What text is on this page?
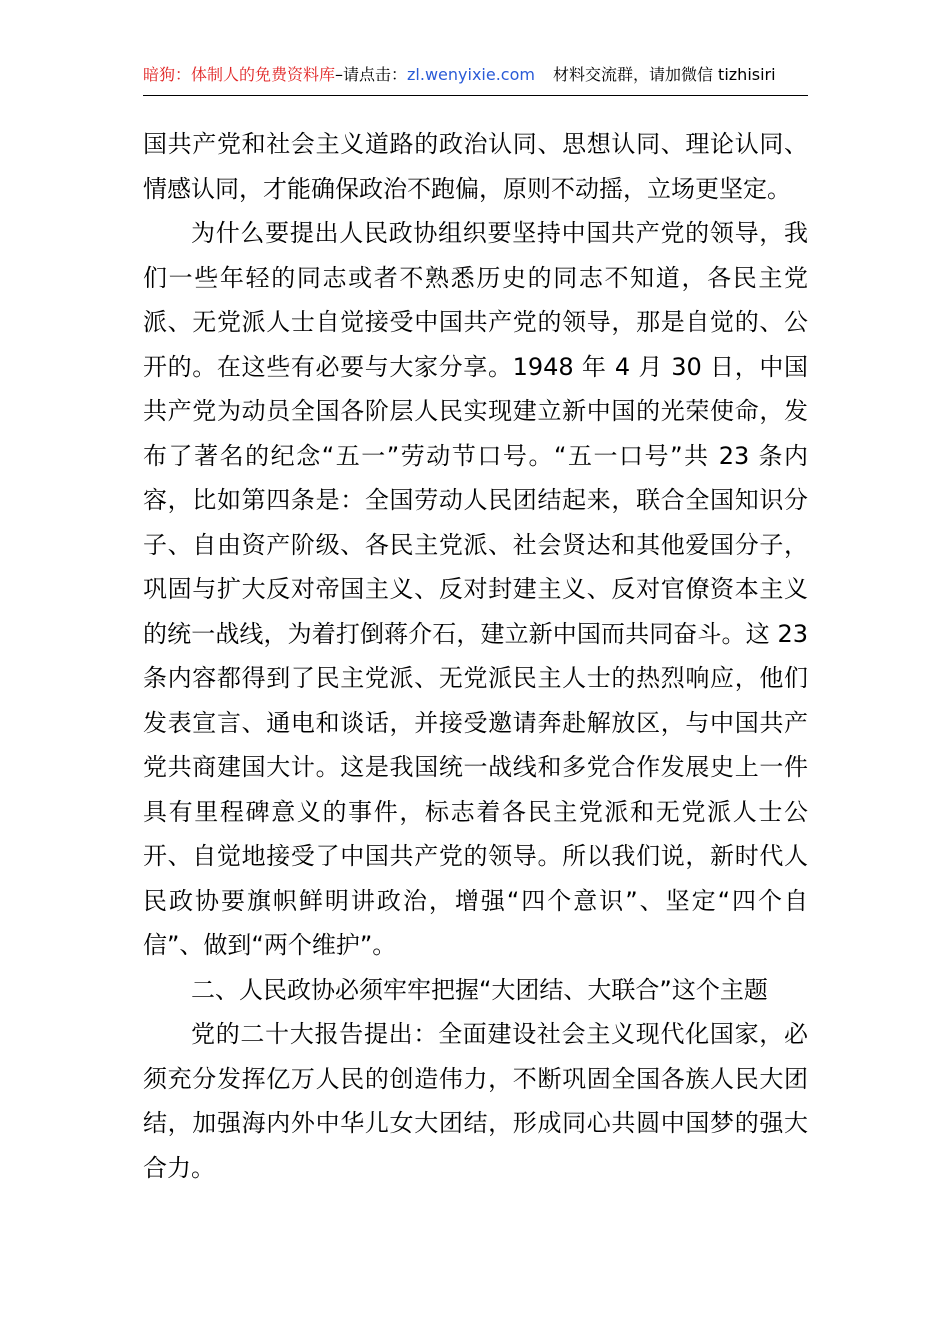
暗狗：体制人的免费资料库–请点击：zl.wenyixie.com 材料交流群，请加微信 tizhisiri

国共产党和社会主义道路的政治认同、思想认同、理论认同、情感认同，才能确保政治不跑偏，原则不动摇，立场更坚定。

为什么要提出人民政协组织要坚持中国共产党的领导，我们一些年轻的同志或者不熟悉历史的同志不知道，各民主党派、无党派人士自觉接受中国共产党的领导，那是自觉的、公开的。在这些有必要与大家分享。1948 年 4 月 30 日，中国共产党为动员全国各阶层人民实现建立新中国的光荣使命，发布了著名的纪念“五一”劳动节口号。“五一口号”共 23 条内容，比如第四条是：全国劳动人民团结起来，联合全国知识分子、自由资产阶级、各民主党派、社会贤达和其他爱国分子，巩固与扩大反对帝国主义、反对封建主义、反对官僚资本主义的统一战线，为着打倒蒋介石，建立新中国而共同奋斗。这 23 条内容都得到了民主党派、无党派民主人士的热烈响应，他们发表宣言、通电和谈话，并接受邀请奔赴解放区，与中国共产党共商建国大计。这是我国统一战线和多党合作发展史上一件具有里程碑意义的事件，标志着各民主党派和无党派人士公开、自觉地接受了中国共产党的领导。所以我们说，新时代人民政协要旗帜鲜明讲政治，增强“四个意识”、坚定“四个自信”、做到“两个维护”。

二、人民政协必须牢牢把握“大团结、大联合”这个主题

党的二十大报告提出：全面建设社会主义现代化国家，必须充分发挥亿万人民的创造伟力，不断巩固全国各族人民大团结，加强海内外中华儿女大团结，形成同心共圆中国梦的强大合力。
